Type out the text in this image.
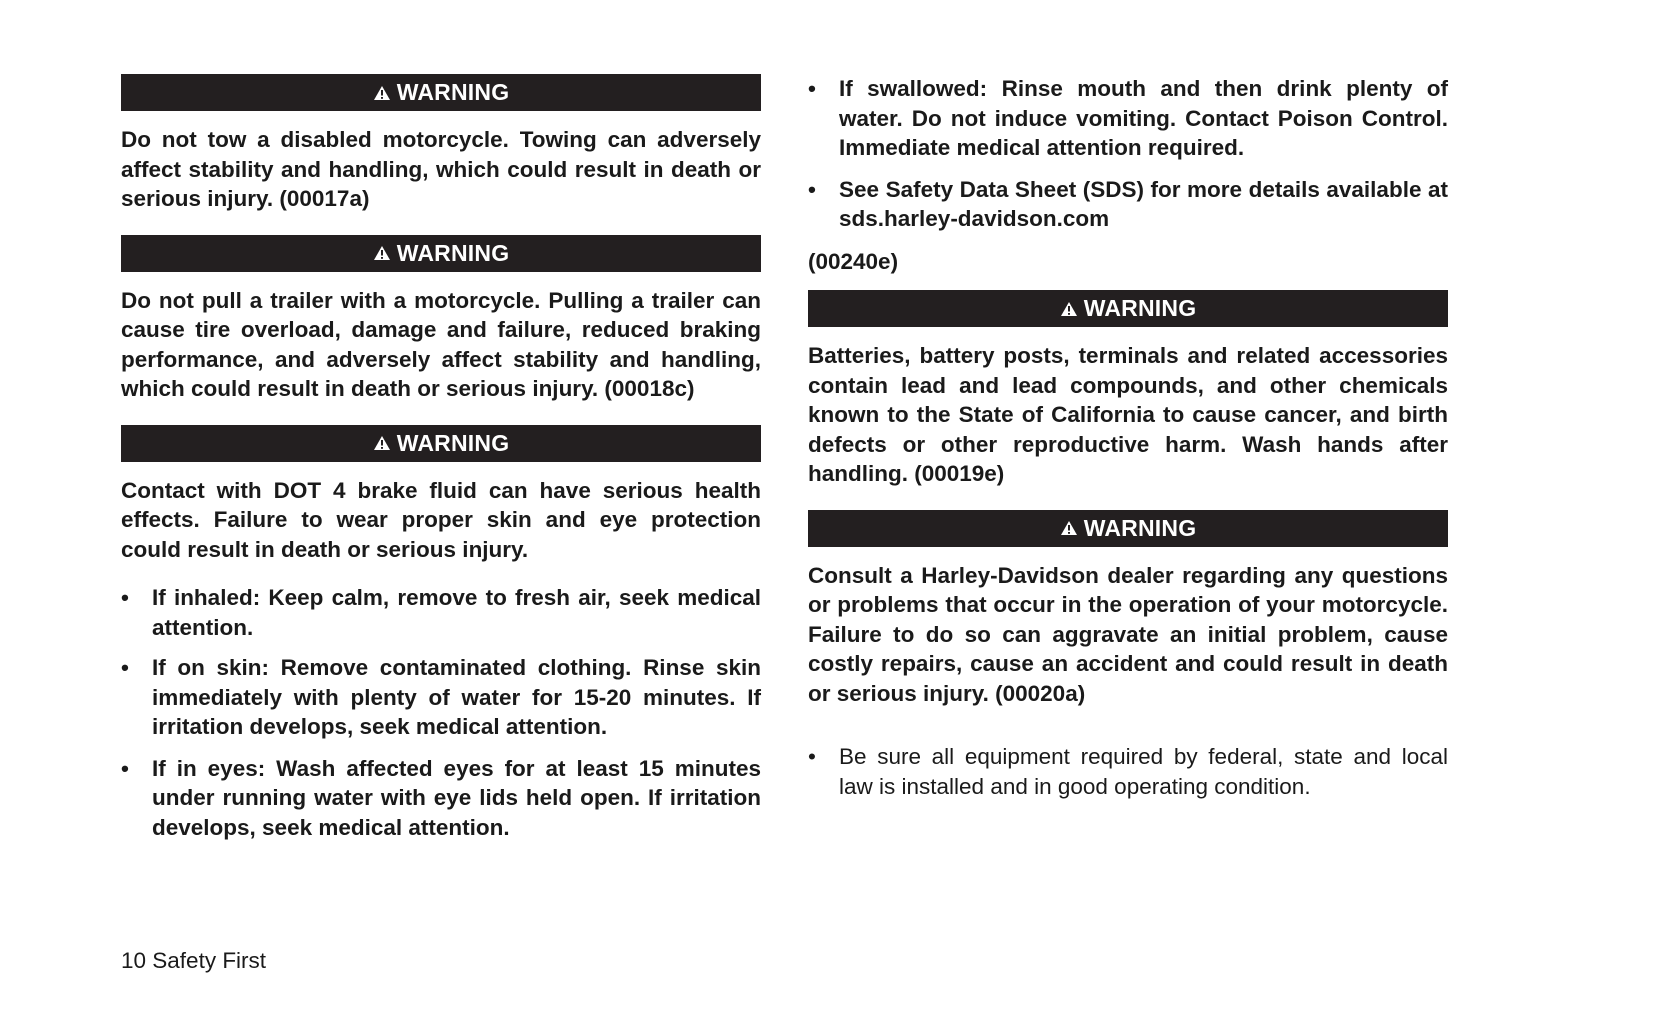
WARNING

Do not tow a disabled motorcycle. Towing can adversely affect stability and handling, which could result in death or serious injury. (00017a)

WARNING

Do not pull a trailer with a motorcycle. Pulling a trailer can cause tire overload, damage and failure, reduced braking performance, and adversely affect stability and handling, which could result in death or serious injury. (00018c)

WARNING

Contact with DOT 4 brake fluid can have serious health effects. Failure to wear proper skin and eye protection could result in death or serious injury.

• If inhaled: Keep calm, remove to fresh air, seek medical attention.
• If on skin: Remove contaminated clothing. Rinse skin immediately with plenty of water for 15-20 minutes. If irritation develops, seek medical attention.
• If in eyes: Wash affected eyes for at least 15 minutes under running water with eye lids held open. If irritation develops, seek medical attention.
• If swallowed: Rinse mouth and then drink plenty of water. Do not induce vomiting. Contact Poison Control. Immediate medical attention required.
• See Safety Data Sheet (SDS) for more details available at sds.harley-davidson.com
(00240e)
WARNING

Batteries, battery posts, terminals and related accessories contain lead and lead compounds, and other chemicals known to the State of California to cause cancer, and birth defects or other reproductive harm. Wash hands after handling. (00019e)

WARNING

Consult a Harley-Davidson dealer regarding any questions or problems that occur in the operation of your motorcycle. Failure to do so can aggravate an initial problem, cause costly repairs, cause an accident and could result in death or serious injury. (00020a)

• Be sure all equipment required by federal, state and local law is installed and in good operating condition.
10 Safety First
